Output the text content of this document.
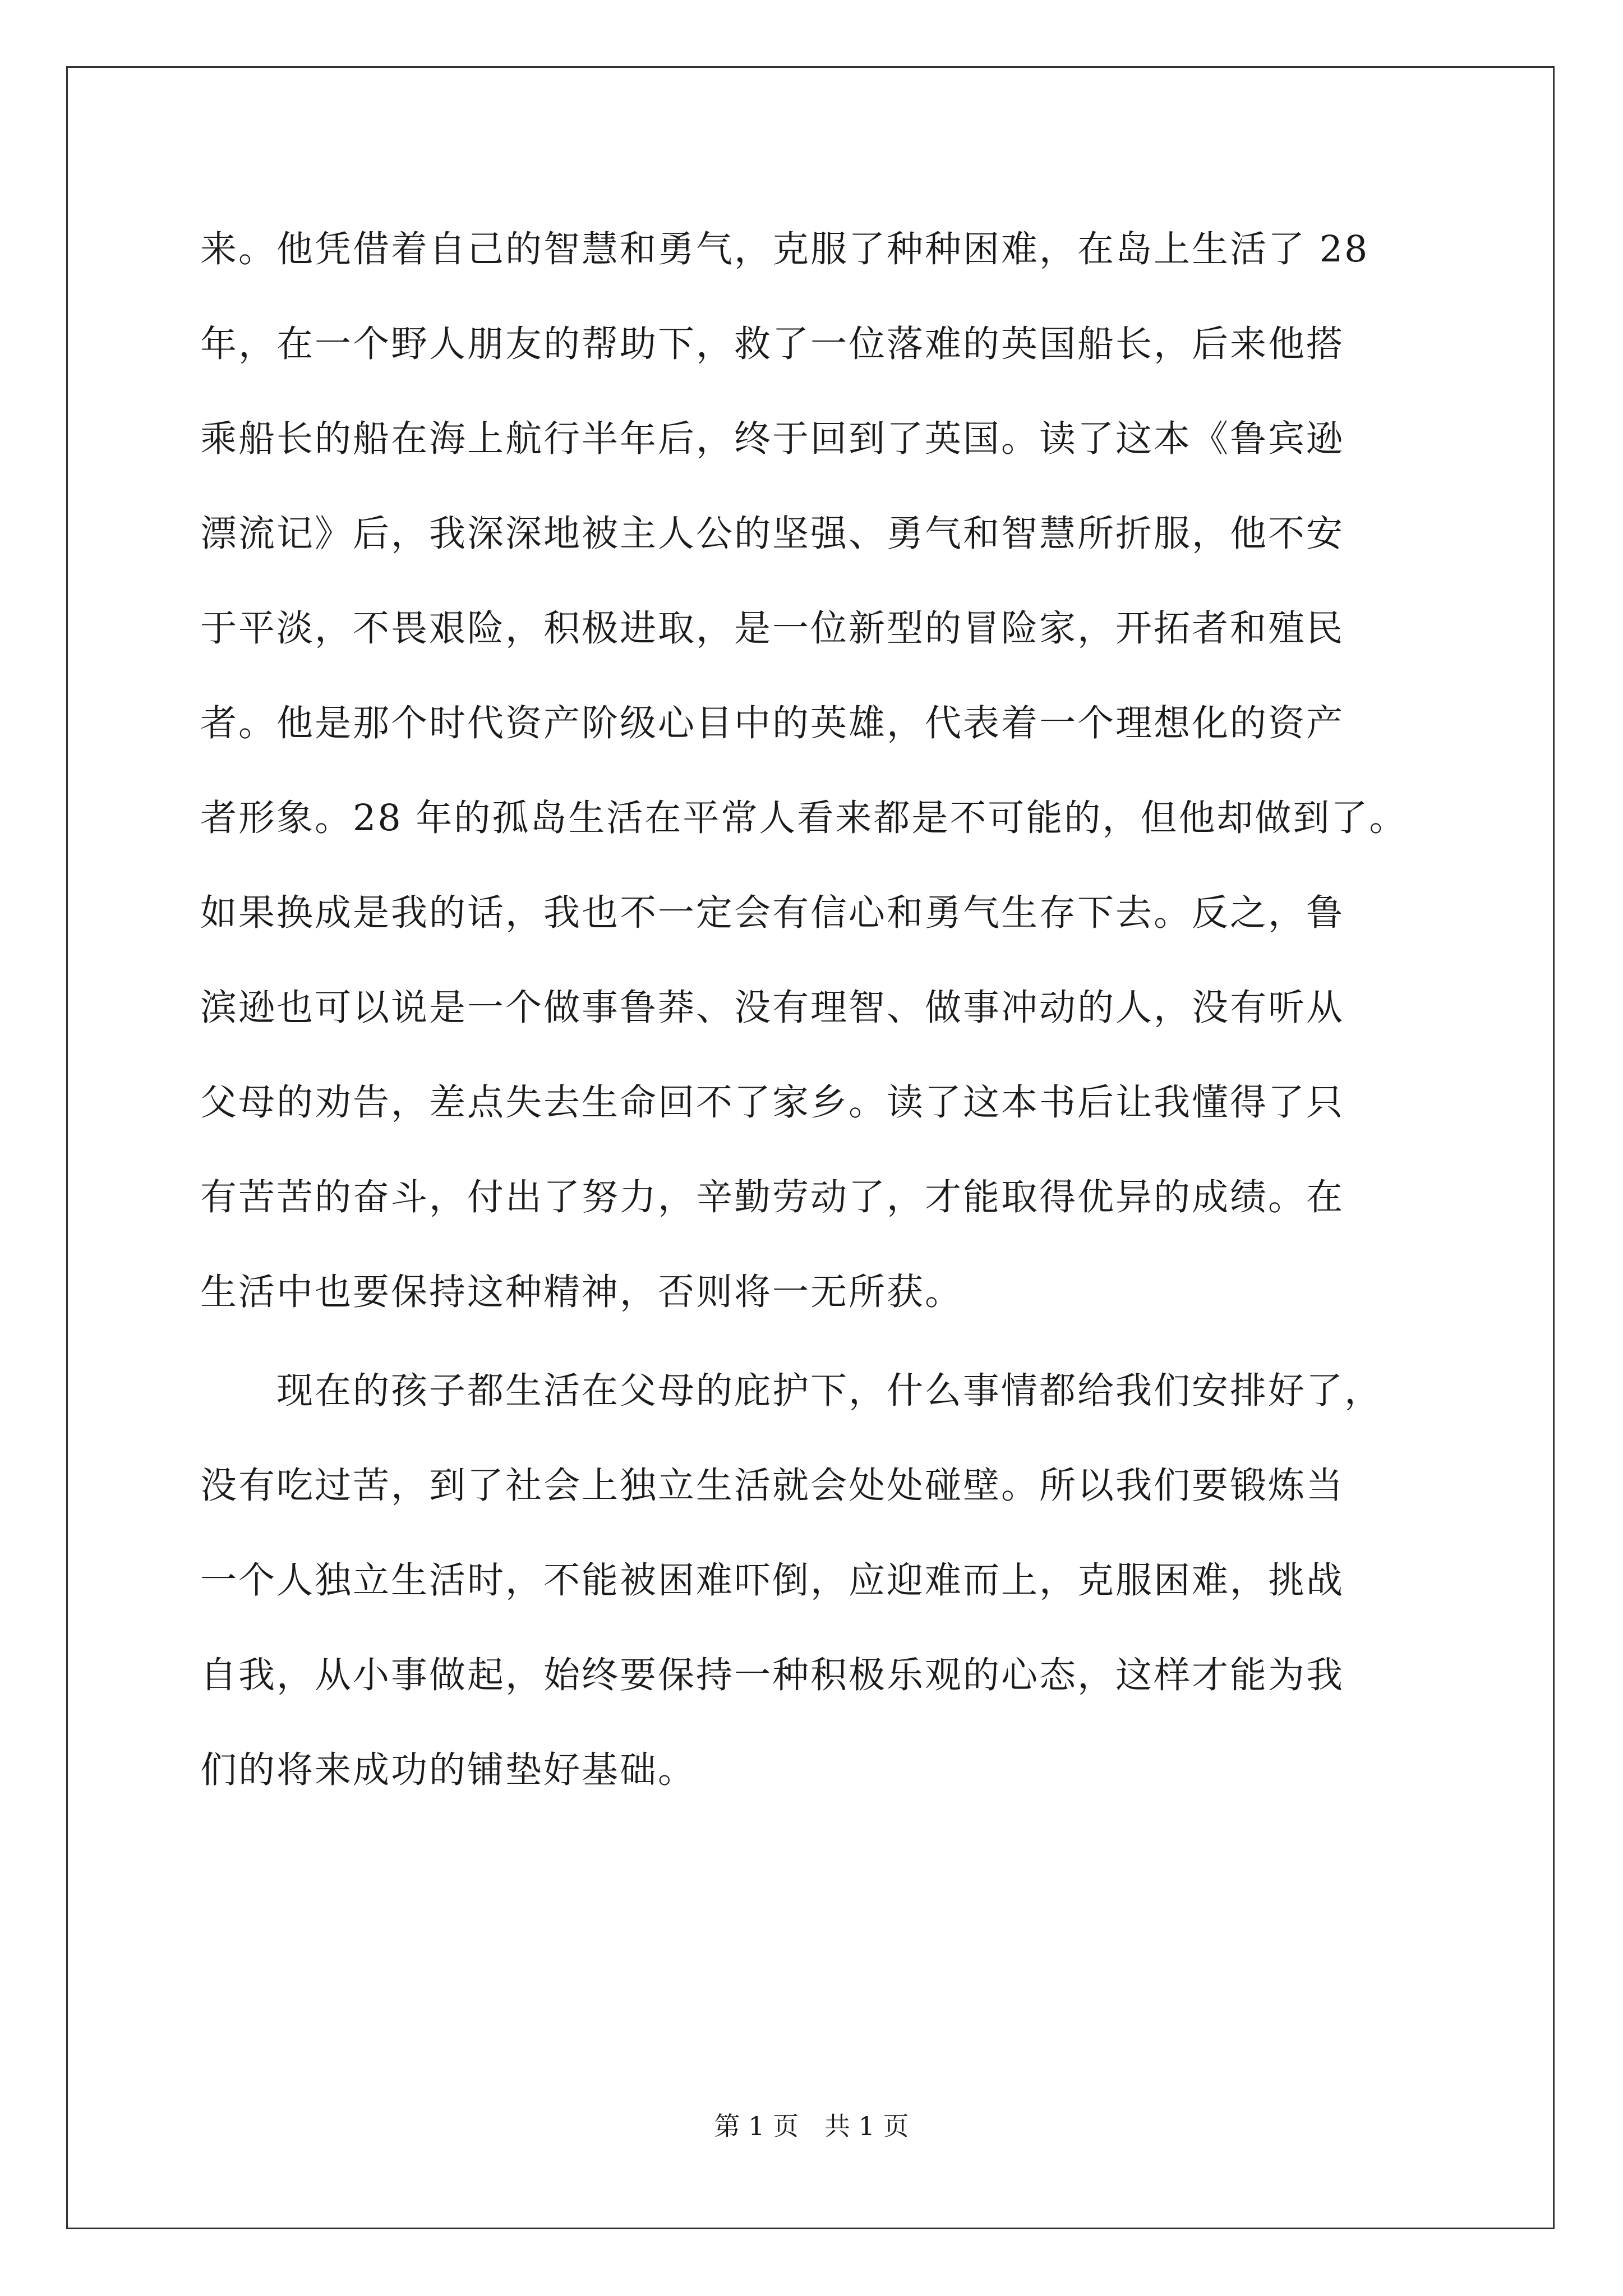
来。他凭借着自己的智慧和勇气，克服了种种困难，在岛上生活了 28
年，在一个野人朋友的帮助下，救了一位落难的英国船长，后来他搭
乘船长的船在海上航行半年后，终于回到了英国。读了这本《鲁宾逊
漂流记》后，我深深地被主人公的坚强、勇气和智慧所折服，他不安
于平淡，不畏艰险，积极进取，是一位新型的冒险家，开拓者和殖民
者。他是那个时代资产阶级心目中的英雄，代表着一个理想化的资产
者形象。28 年的孤岛生活在平常人看来都是不可能的，但他却做到了。
如果换成是我的话，我也不一定会有信心和勇气生存下去。反之，鲁
滨逊也可以说是一个做事鲁莽、没有理智、做事冲动的人，没有听从
父母的劝告，差点失去生命回不了家乡。读了这本书后让我懂得了只
有苦苦的奋斗，付出了努力，辛勤劳动了，才能取得优异的成绩。在
生活中也要保持这种精神，否则将一无所获。
　　现在的孩子都生活在父母的庇护下，什么事情都给我们安排好了，
没有吃过苦，到了社会上独立生活就会处处碰壁。所以我们要锻炼当
一个人独立生活时，不能被困难吓倒，应迎难而上，克服困难，挑战
自我，从小事做起，始终要保持一种积极乐观的心态，这样才能为我
们的将来成功的铺垫好基础。
第 1 页　共 1 页
